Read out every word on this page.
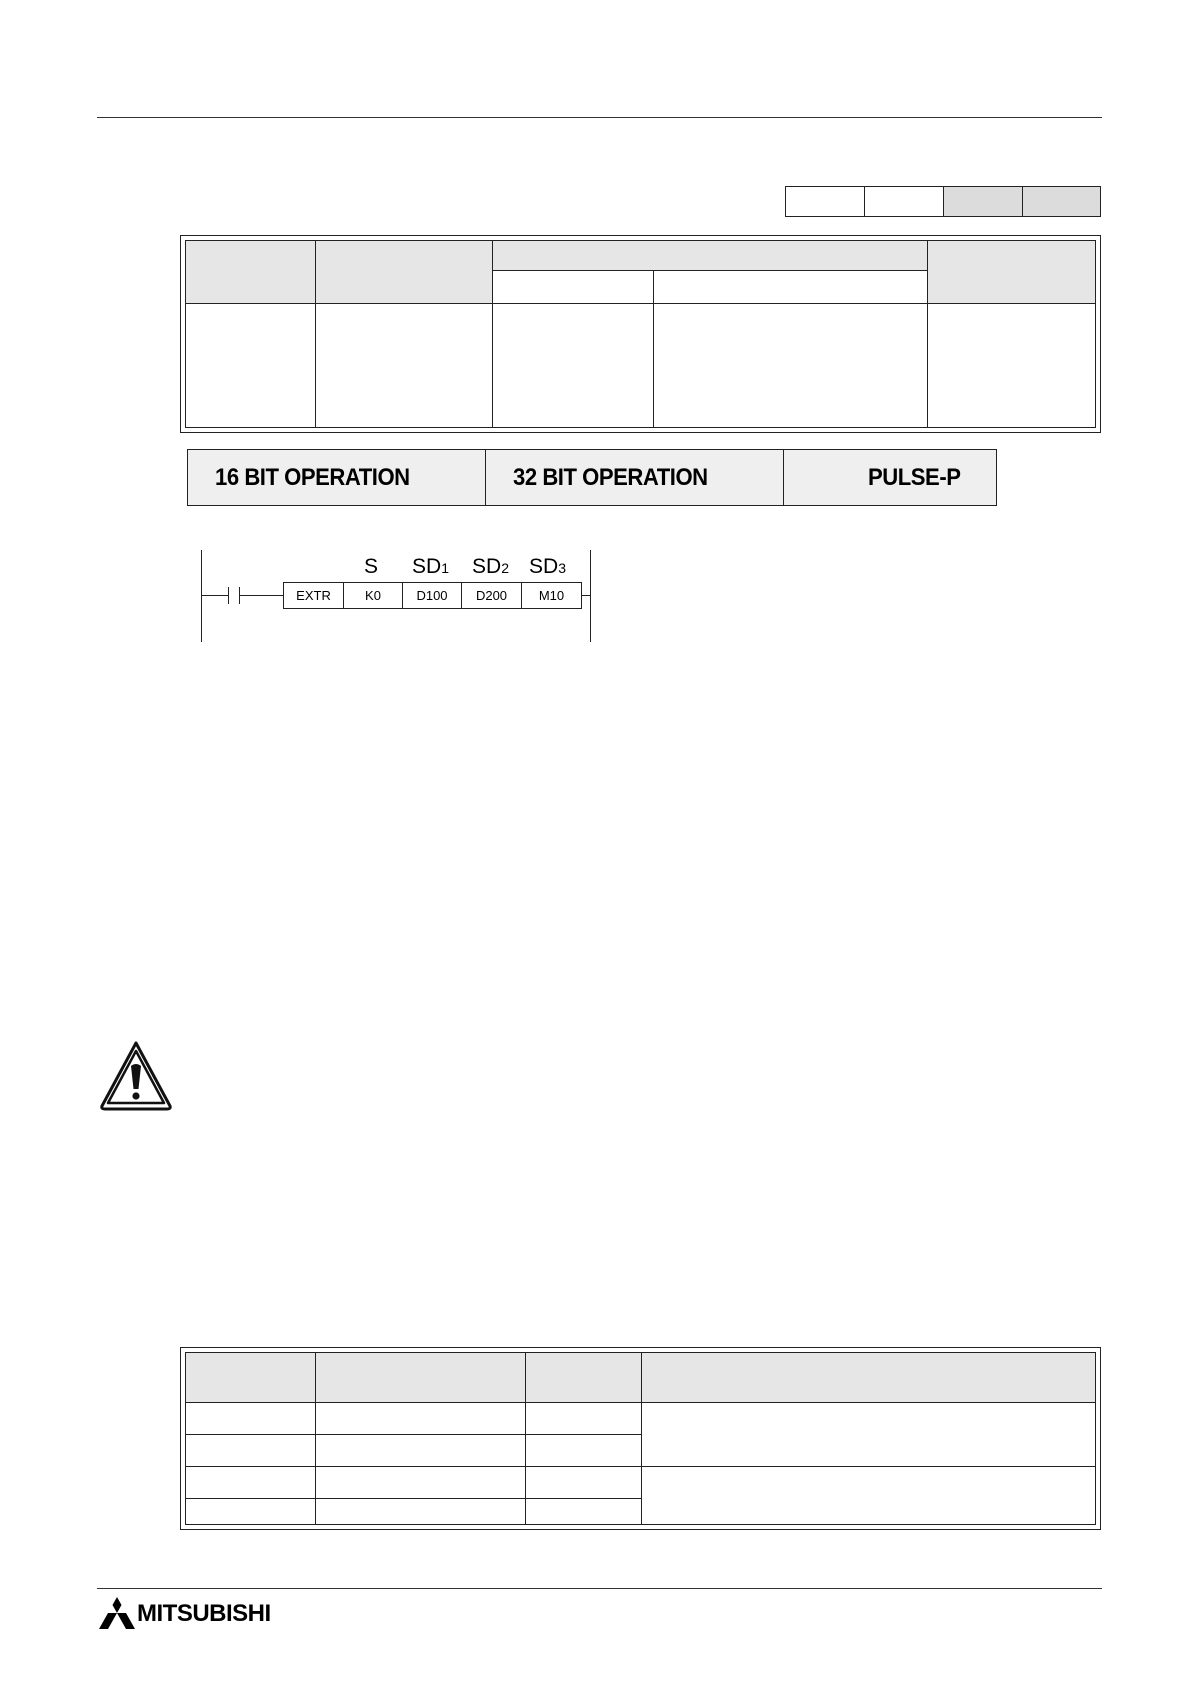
16 BIT OPERATION	32 BIT OPERATION	PULSE-P
S SD1 SD2 SD3
EXTR	K0	D100	D200	M10
MITSUBISHI
